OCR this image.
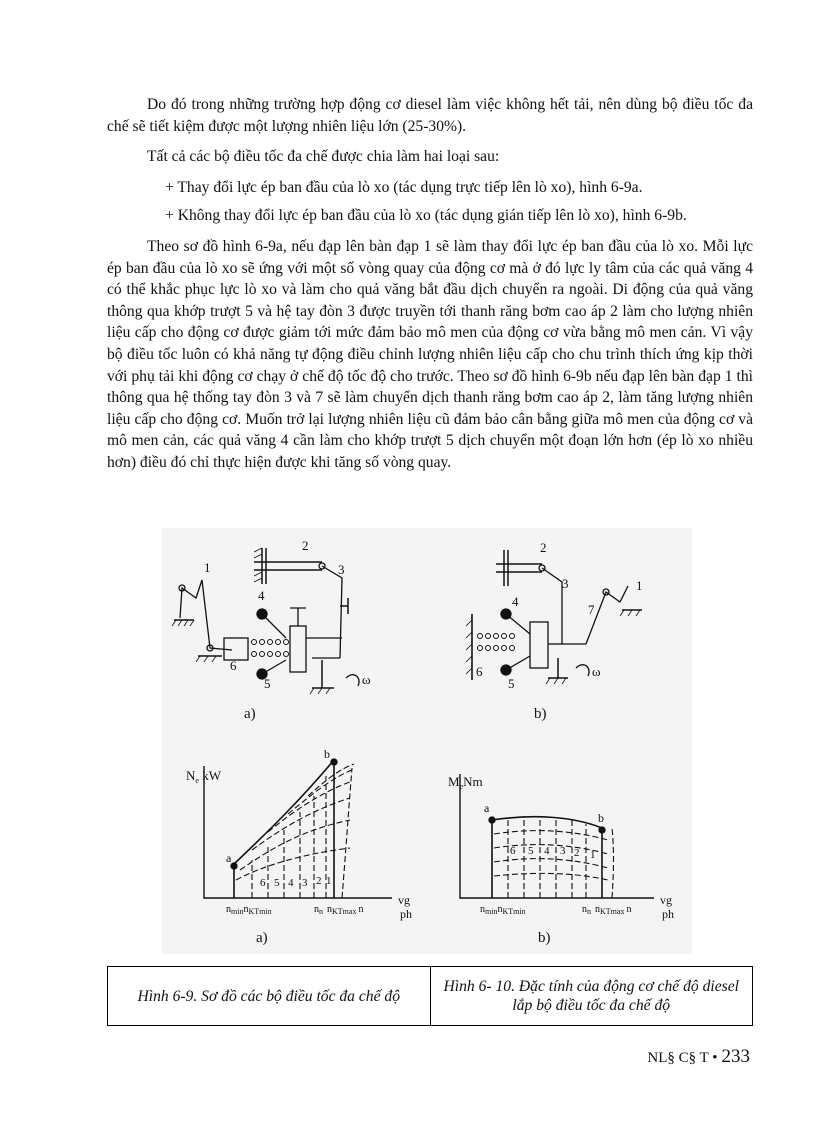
Do đó trong những trường hợp động cơ diesel làm việc không hết tải, nên dùng bộ điều tốc đa chế sẽ tiết kiệm được một lượng nhiên liệu lớn (25-30%).

Tất cả các bộ điều tốc đa chế được chia làm hai loại sau:

+ Thay đổi lực ép ban đầu của lò xo (tác dụng trực tiếp lên lò xo), hình 6-9a.

+ Không thay đổi lực ép ban đầu của lò xo (tác dụng gián tiếp lên lò xo), hình 6-9b.

Theo sơ đồ hình 6-9a, nếu đạp lên bàn đạp 1 sẽ làm thay đổi lực ép ban đầu của lò xo. Mỗi lực ép ban đầu của lò xo sẽ ứng với một số vòng quay của động cơ mà ở đó lực ly tâm của các quả văng 4 có thể khắc phục lực lò xo và làm cho quả văng bắt đầu dịch chuyển ra ngoài. Di động của quả văng thông qua khớp trượt 5 và hệ tay đòn 3 được truyền tới thanh răng bơm cao áp 2 làm cho lượng nhiên liệu cấp cho động cơ được giảm tới mức đảm bảo mô men của động cơ vừa bằng mô men cản. Vì vậy bộ điều tốc luôn có khả năng tự động điều chỉnh lượng nhiên liệu cấp cho chu trình thích ứng kịp thời với phụ tải khi động cơ chạy ở chế độ tốc độ cho trước. Theo sơ đồ hình 6-9b nếu đạp lên bàn đạp 1 thì thông qua hệ thống tay đòn 3 và 7 sẽ làm chuyển dịch thanh răng bơm cao áp 2, làm tăng lượng nhiên liệu cấp cho động cơ. Muốn trở lại lượng nhiên liệu cũ đảm bảo cân bằng giữa mô men của động cơ và mô men cản, các quả văng 4 cần làm cho khớp trượt 5 dịch chuyển một đoạn lớn hơn (ép lò xo nhiều hơn) điều đó chỉ thực hiện được khi tăng số vòng quay.

ω
1
2
3
4
5
6
a)
2
3
7
1
4
5
6	ω
b)
$N_e$ kW
a
b
6 5 4 3 2 1
$n_{min}n_{KTmin}$	$n_n$ $n_{KTmax}$ n
vg
ph
a)
$M_eNm$
a
b
6 5 4 3 2 1
$n_{min}n_{KTmin}$	$n_n$ $n_{KTmax}$ n
vg
ph
b)
Hình 6-9. Sơ đồ các bộ điều tốc đa chế độ	Hình 6- 10. Đặc tính của động cơ chế độ diesel lắp bộ điều tốc đa chế độ
NL§ C§ T • 233
